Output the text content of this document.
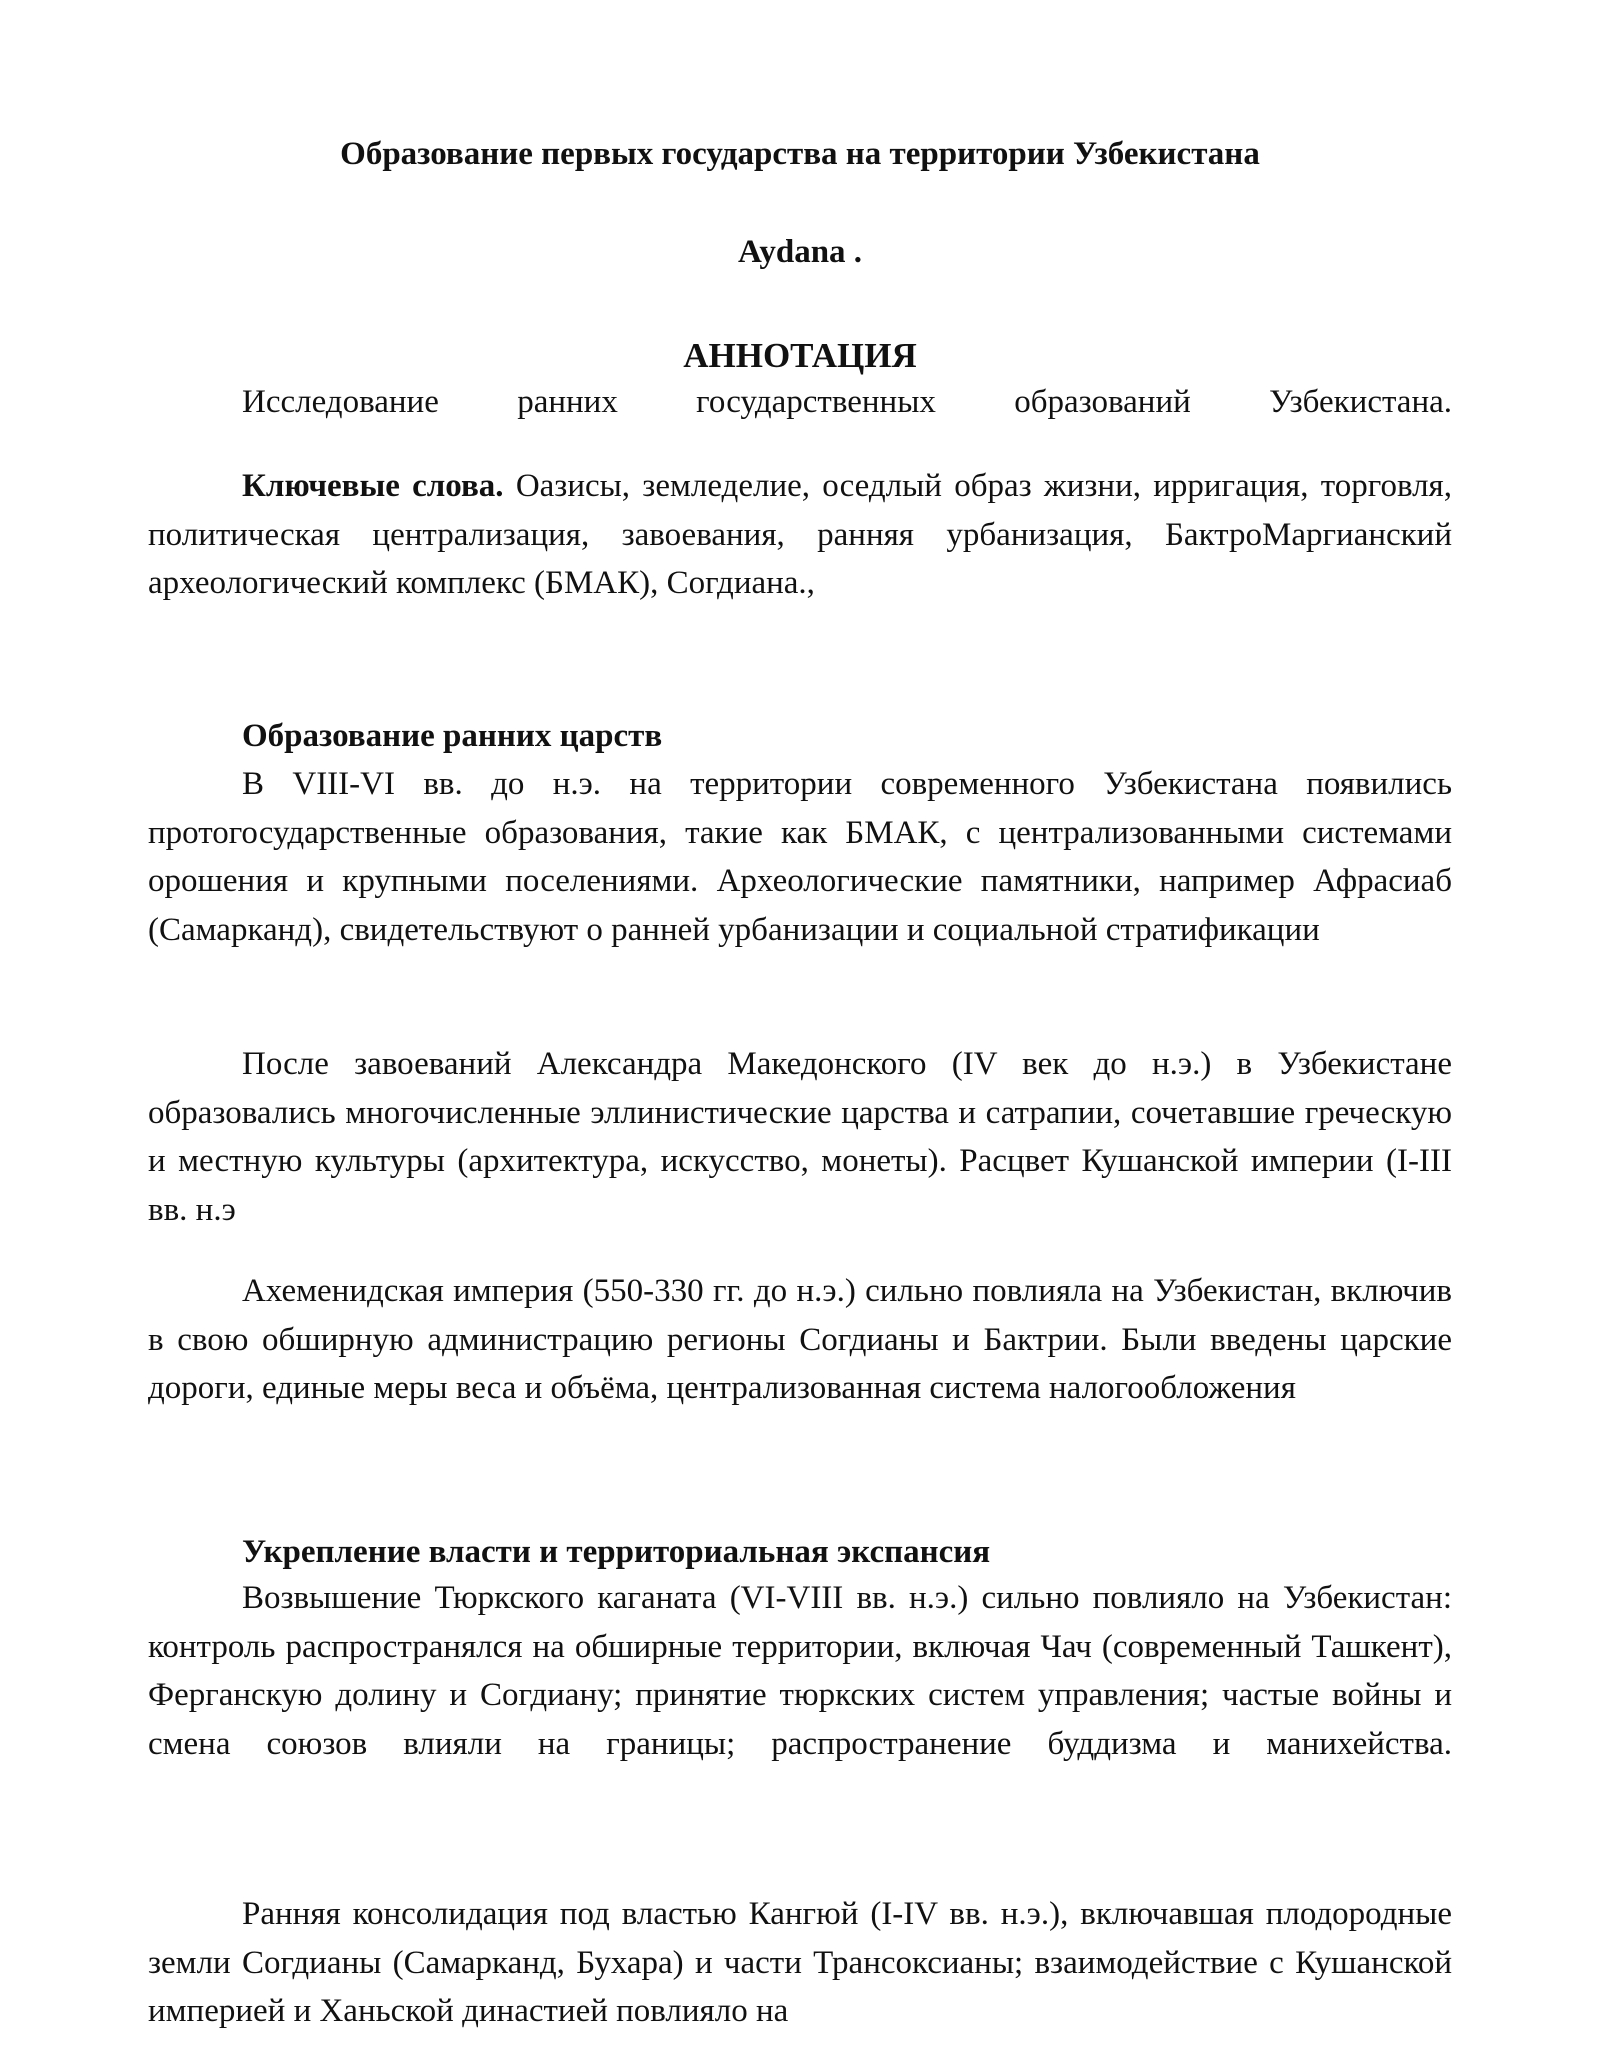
Образование первых государства на территории Узбекистана

Aydana .

АННОТАЦИЯ

Исследование ранних государственных образований Узбекистана.

Ключевые слова. Оазисы, земледелие, оседлый образ жизни, ирригация, торговля, политическая централизация, завоевания, ранняя урбанизация, БактроМаргианский археологический комплекс (БМАК), Согдиана.,

Образование ранних царств

В VIII-VI вв. до н.э. на территории современного Узбекистана появились протогосударственные образования, такие как БМАК, с централизованными системами орошения и крупными поселениями. Археологические памятники, например Афрасиаб (Самарканд), свидетельствуют о ранней урбанизации и социальной стратификации

После завоеваний Александра Македонского (IV век до н.э.) в Узбекистане образовались многочисленные эллинистические царства и сатрапии, сочетавшие греческую и местную культуры (архитектура, искусство, монеты). Расцвет Кушанской империи (I-III вв. н.э

Ахеменидская империя (550-330 гг. до н.э.) сильно повлияла на Узбекистан, включив в свою обширную администрацию регионы Согдианы и Бактрии. Были введены царские дороги, единые меры веса и объёма, централизованная система налогообложения

Укрепление власти и территориальная экспансия

Возвышение Тюркского каганата (VI-VIII вв. н.э.) сильно повлияло на Узбекистан: контроль распространялся на обширные территории, включая Чач (современный Ташкент), Ферганскую долину и Согдиану; принятие тюркских систем управления; частые войны и смена союзов влияли на границы; распространение буддизма и манихейства.

Ранняя консолидация под властью Кангюй (I-IV вв. н.э.), включавшая плодородные земли Согдианы (Самарканд, Бухара) и части Трансоксианы; взаимодействие с Кушанской империей и Ханьской династией повлияло на
